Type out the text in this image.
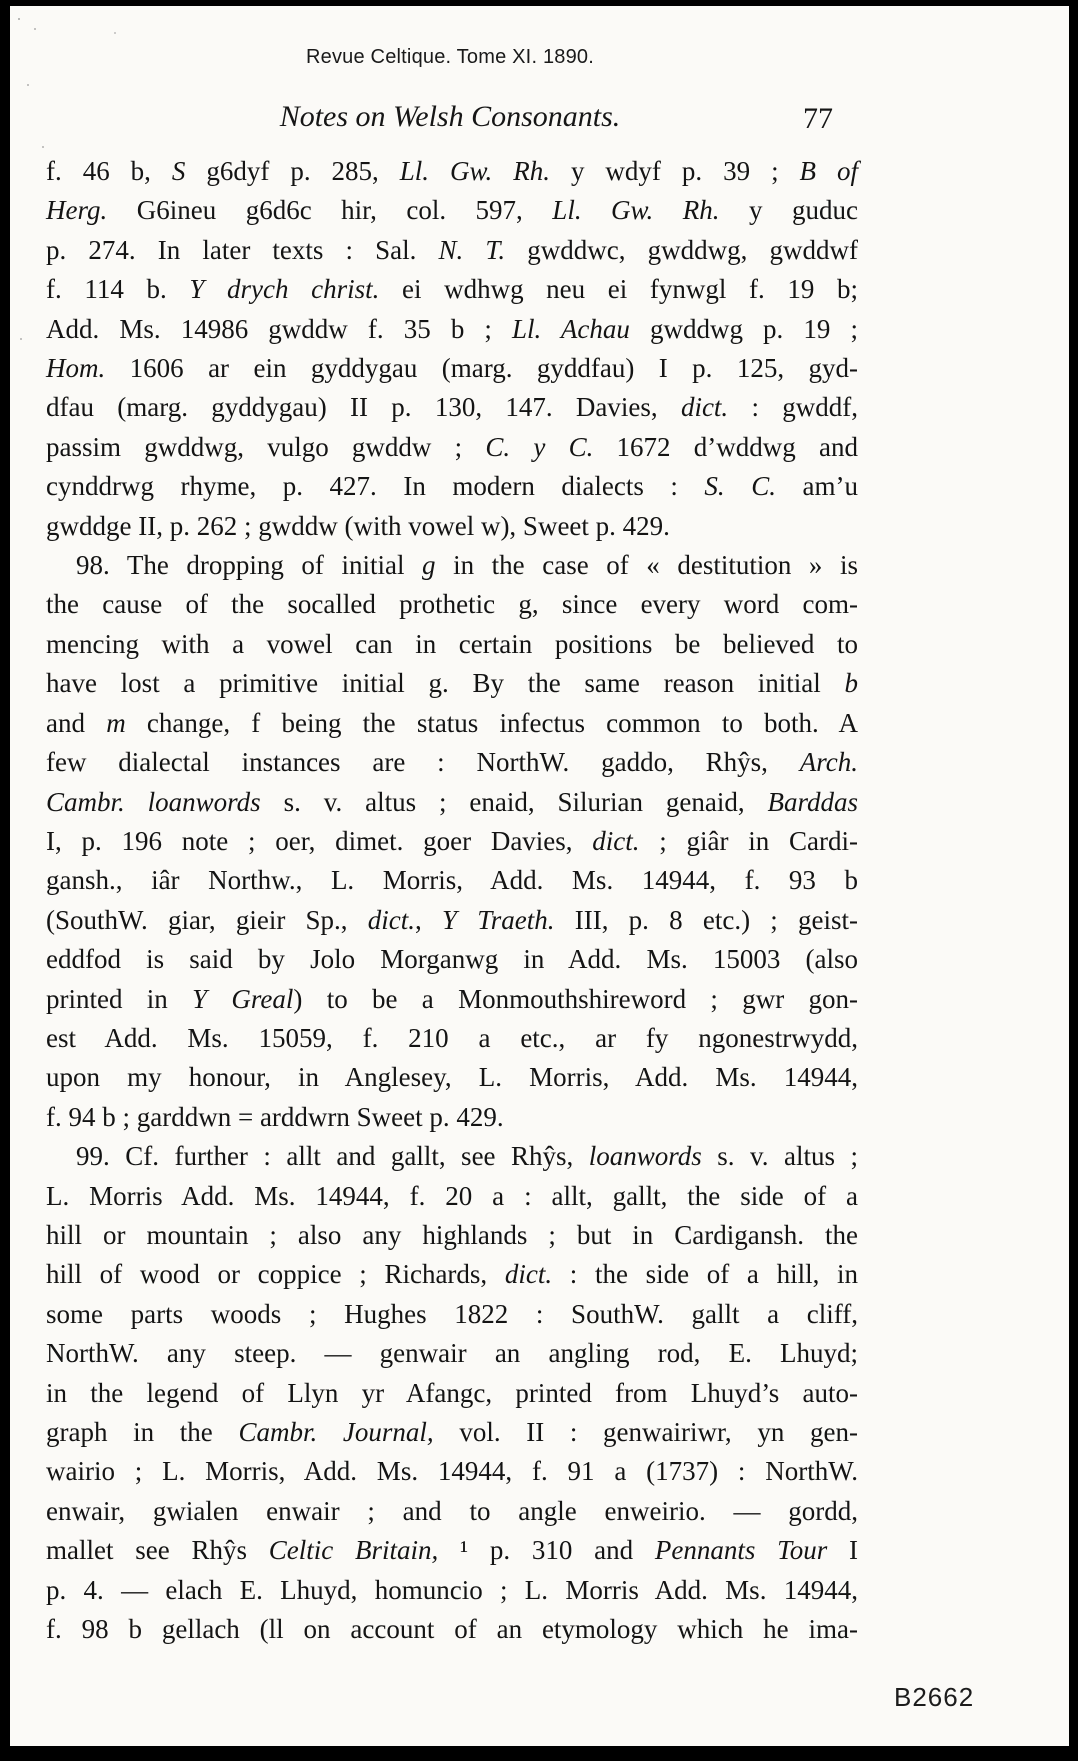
Revue Celtique. Tome XI. 1890.
Notes on Welsh Consonants.	77
f. 46 b, S g6dyf p. 285, Ll. Gw. Rh. y wdyf p. 39 ; B of
Herg. G6ineu g6d6c hir, col. 597, Ll. Gw. Rh. y guduc
p. 274. In later texts : Sal. N. T. gwddwc, gwddwg, gwddwf
f. 114 b. Y drych christ. ei wdhwg neu ei fynwgl f. 19 b;
Add. Ms. 14986 gwddw f. 35 b ; Ll. Achau gwddwg p. 19 ;
Hom. 1606 ar ein gyddygau (marg. gyddfau) I p. 125, gyd-
dfau (marg. gyddygau) II p. 130, 147. Davies, dict. : gwddf,
passim gwddwg, vulgo gwddw ; C. y C. 1672 d’wddwg and
cynddrwg rhyme, p. 427. In modern dialects : S. C. am’u
gwddge II, p. 262 ; gwddw (with vowel w), Sweet p. 429.
98. The dropping of initial g in the case of « destitution » is
the cause of the socalled prothetic g, since every word com-
mencing with a vowel can in certain positions be believed to
have lost a primitive initial g. By the same reason initial b
and m change, f being the status infectus common to both. A
few dialectal instances are : NorthW. gaddo, Rhŷs, Arch.
Cambr. loanwords s. v. altus ; enaid, Silurian genaid, Barddas
I, p. 196 note ; oer, dimet. goer Davies, dict. ; giâr in Cardi-
gansh., iâr Northw., L. Morris, Add. Ms. 14944, f. 93 b
(SouthW. giar, gieir Sp., dict., Y Traeth. III, p. 8 etc.) ; geist-
eddfod is said by Jolo Morganwg in Add. Ms. 15003 (also
printed in Y Greal) to be a Monmouthshireword ; gwr gon-
est Add. Ms. 15059, f. 210 a etc., ar fy ngonestrwydd,
upon my honour, in Anglesey, L. Morris, Add. Ms. 14944,
f. 94 b ; garddwn = arddwrn Sweet p. 429.
99. Cf. further : allt and gallt, see Rhŷs, loanwords s. v. altus ;
L. Morris Add. Ms. 14944, f. 20 a : allt, gallt, the side of a
hill or mountain ; also any highlands ; but in Cardigansh. the
hill of wood or coppice ; Richards, dict. : the side of a hill, in
some parts woods ; Hughes 1822 : SouthW. gallt a cliff,
NorthW. any steep. — genwair an angling rod, E. Lhuyd;
in the legend of Llyn yr Afangc, printed from Lhuyd’s auto-
graph in the Cambr. Journal, vol. II : genwairiwr, yn gen-
wairio ; L. Morris, Add. Ms. 14944, f. 91 a (1737) : NorthW.
enwair, gwialen enwair ; and to angle enweirio. — gordd,
mallet see Rhŷs Celtic Britain, ¹ p. 310 and Pennants Tour I
p. 4. — elach E. Lhuyd, homuncio ; L. Morris Add. Ms. 14944,
f. 98 b gellach (ll on account of an etymology which he ima-
B2662
